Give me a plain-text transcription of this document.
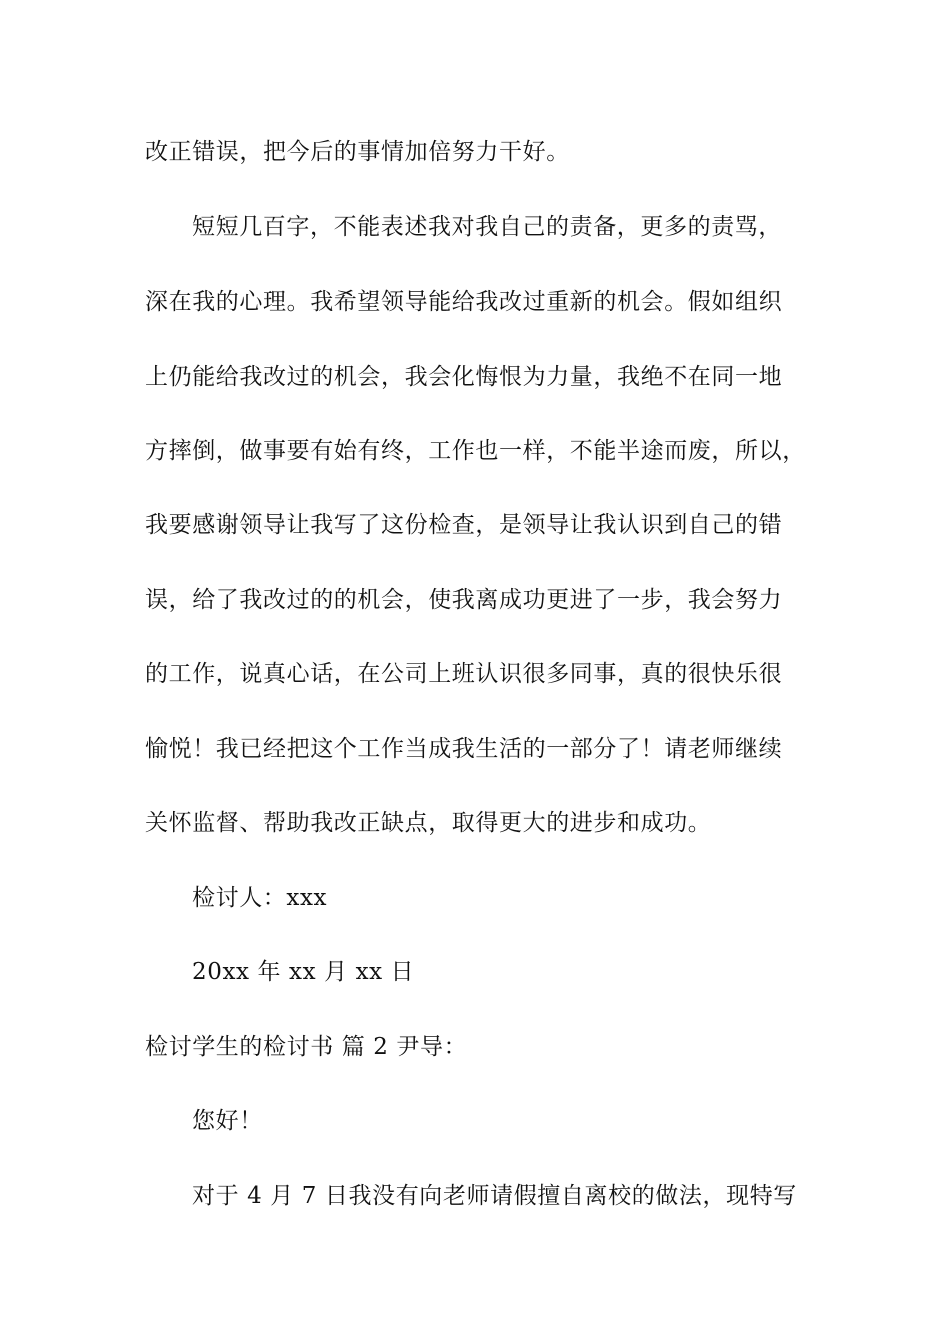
改正错误，把今后的事情加倍努力干好。
短短几百字，不能表述我对我自己的责备，更多的责骂，
深在我的心理。我希望领导能给我改过重新的机会。假如组织
上仍能给我改过的机会，我会化悔恨为力量，我绝不在同一地
方摔倒，做事要有始有终，工作也一样，不能半途而废，所以，
我要感谢领导让我写了这份检查，是领导让我认识到自己的错
误，给了我改过的的机会，使我离成功更进了一步，我会努力
的工作，说真心话，在公司上班认识很多同事，真的很快乐很
愉悦！我已经把这个工作当成我生活的一部分了！请老师继续
关怀监督、帮助我改正缺点，取得更大的进步和成功。
检讨人：xxx
20xx 年 xx 月 xx 日
检讨学生的检讨书 篇 2 尹导：
您好！
对于 4 月 7 日我没有向老师请假擅自离校的做法，现特写
